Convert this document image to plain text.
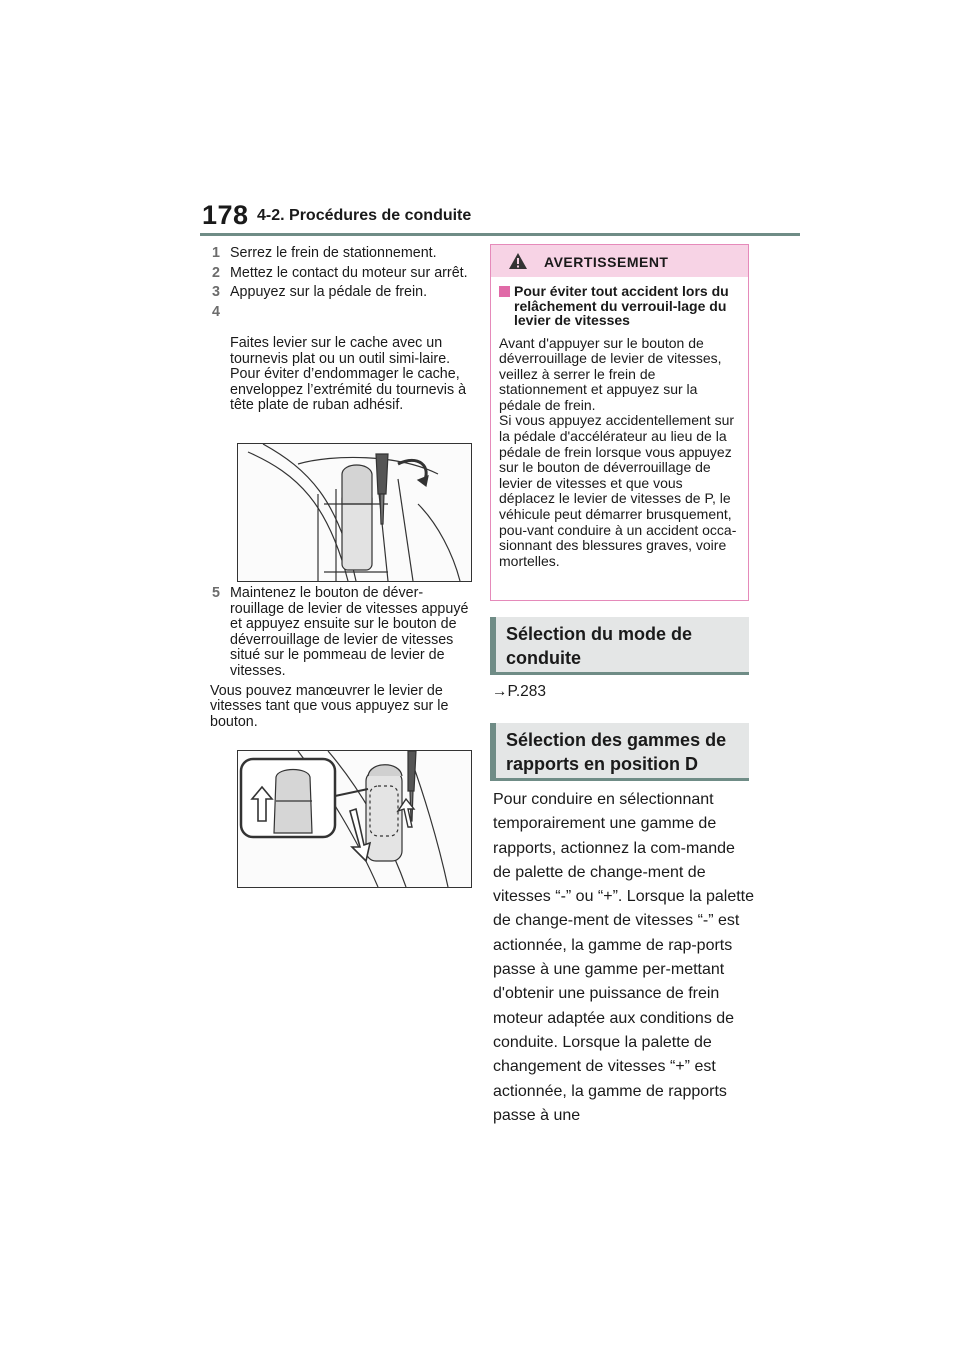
178 4-2. Procédures de conduite
1 Serrez le frein de stationnement.
2 Mettez le contact du moteur sur arrêt.
3 Appuyez sur la pédale de frein.

4

Faites levier sur le cache avec un tournevis plat ou un outil simi-laire.
Pour éviter d’endommager le cache, enveloppez l’extrémité du tournevis à tête plate de ruban adhésif.

5 Maintenez le bouton de déver-rouillage de levier de vitesses appuyé et appuyez ensuite sur le bouton de déverrouillage de levier de vitesses situé sur le pommeau de levier de vitesses.

Vous pouvez manœuvrer le levier de vitesses tant que vous appuyez sur le bouton.

AVERTISSEMENT
Pour éviter tout accident lors du relâchement du verrouil-lage du levier de vitesses
Avant d'appuyer sur le bouton de déverrouillage de levier de vitesses, veillez à serrer le frein de stationnement et appuyez sur la pédale de frein.
Si vous appuyez accidentellement sur la pédale d'accélérateur au lieu de la pédale de frein lorsque vous appuyez sur le bouton de déverrouillage de levier de vitesses et que vous déplacez le levier de vitesses de P, le véhicule peut démarrer brusquement, pou-vant conduire à un accident occa-sionnant des blessures graves, voire mortelles.
Sélection du mode de conduite
→P.283
Sélection des gammes de rapports en position D

Pour conduire en sélectionnant temporairement une gamme de rapports, actionnez la com-mande de palette de change-ment de vitesses “-” ou “+”. Lorsque la palette de change-ment de vitesses “-” est actionnée, la gamme de rap-ports passe à une gamme per-mettant d'obtenir une puissance de frein moteur adaptée aux conditions de conduite. Lorsque la palette de changement de vitesses “+” est actionnée, la gamme de rapports passe à une
